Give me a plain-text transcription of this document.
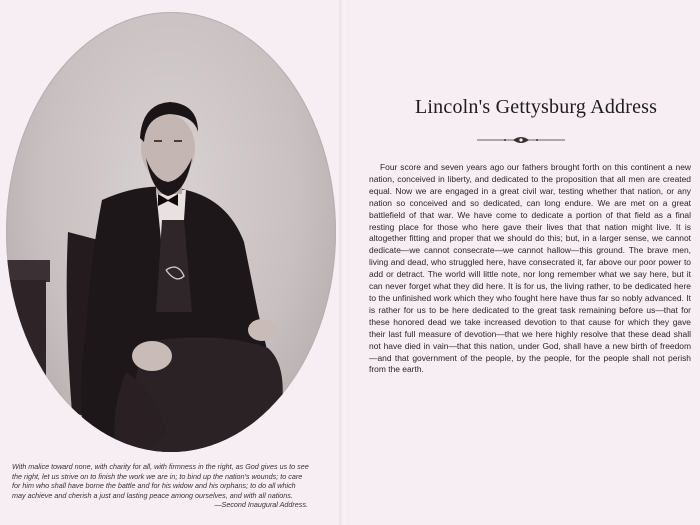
With malice toward none, with charity for all, with firmness in the right, as God gives us to see the right, let us strive on to finish the work we are in; to bind up the nation's wounds; to care for him who shall have borne the battle and for his widow and his orphans; to do all which may achieve and cherish a just and lasting peace among ourselves, and with all nations.
—Second Inaugural Address.
Lincoln's Gettysburg Address
Four score and seven years ago our fathers brought forth on this continent a new nation, conceived in liberty, and dedicated to the proposition that all men are created equal. Now we are engaged in a great civil war, testing whether that nation, or any nation so conceived and so dedicated, can long endure. We are met on a great battlefield of that war. We have come to dedicate a portion of that field as a final resting place for those who here gave their lives that that nation might live. It is altogether fitting and proper that we should do this; but, in a larger sense, we cannot dedicate—we cannot consecrate—we cannot hallow—this ground. The brave men, living and dead, who struggled here, have consecrated it, far above our poor power to add or detract. The world will little note, nor long remember what we say here, but it can never forget what they did here. It is for us, the living rather, to be dedicated here to the unfinished work which they who fought here have thus far so nobly advanced. It is rather for us to be here dedicated to the great task remaining before us—that for these honored dead we take increased devotion to that cause for which they gave their last full measure of devotion—that we here highly resolve that these dead shall not have died in vain—that this nation, under God, shall have a new birth of freedom—and that government of the people, by the people, for the people shall not perish from the earth.
